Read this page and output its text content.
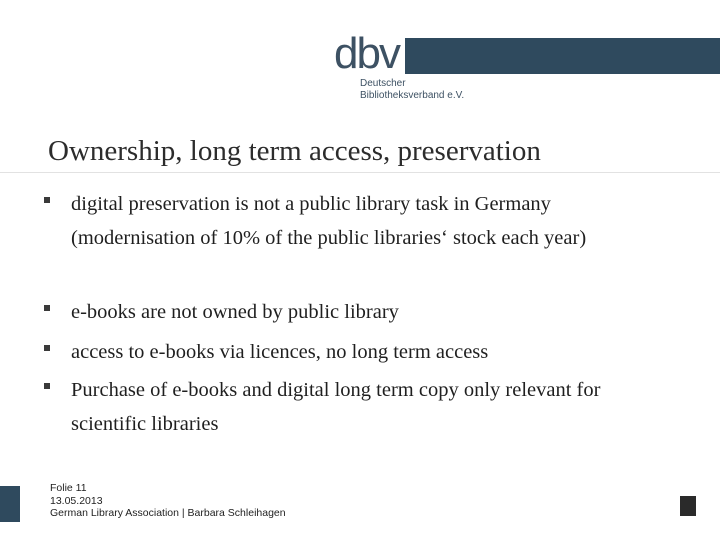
dbv
Deutscher
Bibliotheksverband e.V.
Ownership, long term access, preservation
digital preservation is not a public library task in Germany (modernisation of 10% of the public libraries‘ stock each year)
e-books are not owned by public library
access to e-books via licences, no long term access
Purchase of e-books and digital long term copy only relevant for scientific libraries
Folie 11
13.05.2013
German Library Association | Barbara Schleihagen
